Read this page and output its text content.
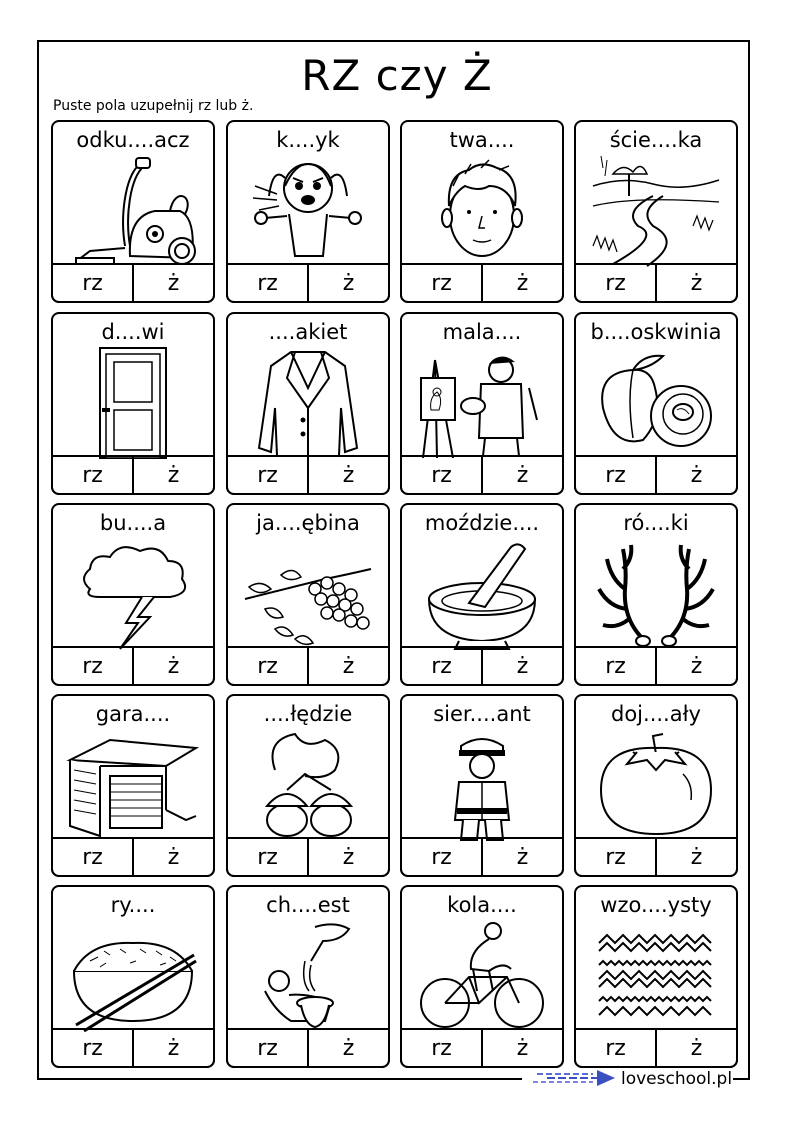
RZ czy Ż
Puste pola uzupełnij rz lub ż.
odku....acz
rz	ż
k....yk
rz	ż
twa....
rz	ż
ście....ka
rz	ż
d....wi
rz	ż
....akiet
rz	ż
mala....
rz	ż
b....oskwinia
rz	ż
bu....a
rz	ż
ja....ębina
rz	ż
moździe....
rz	ż
ró....ki
rz	ż
gara....
rz	ż
....łędzie
rz	ż
sier....ant
rz	ż
doj....ały
rz	ż
ry....
rz	ż
ch....est
rz	ż
kola....
rz	ż
wzo....ysty
rz	ż
loveschool.pl
